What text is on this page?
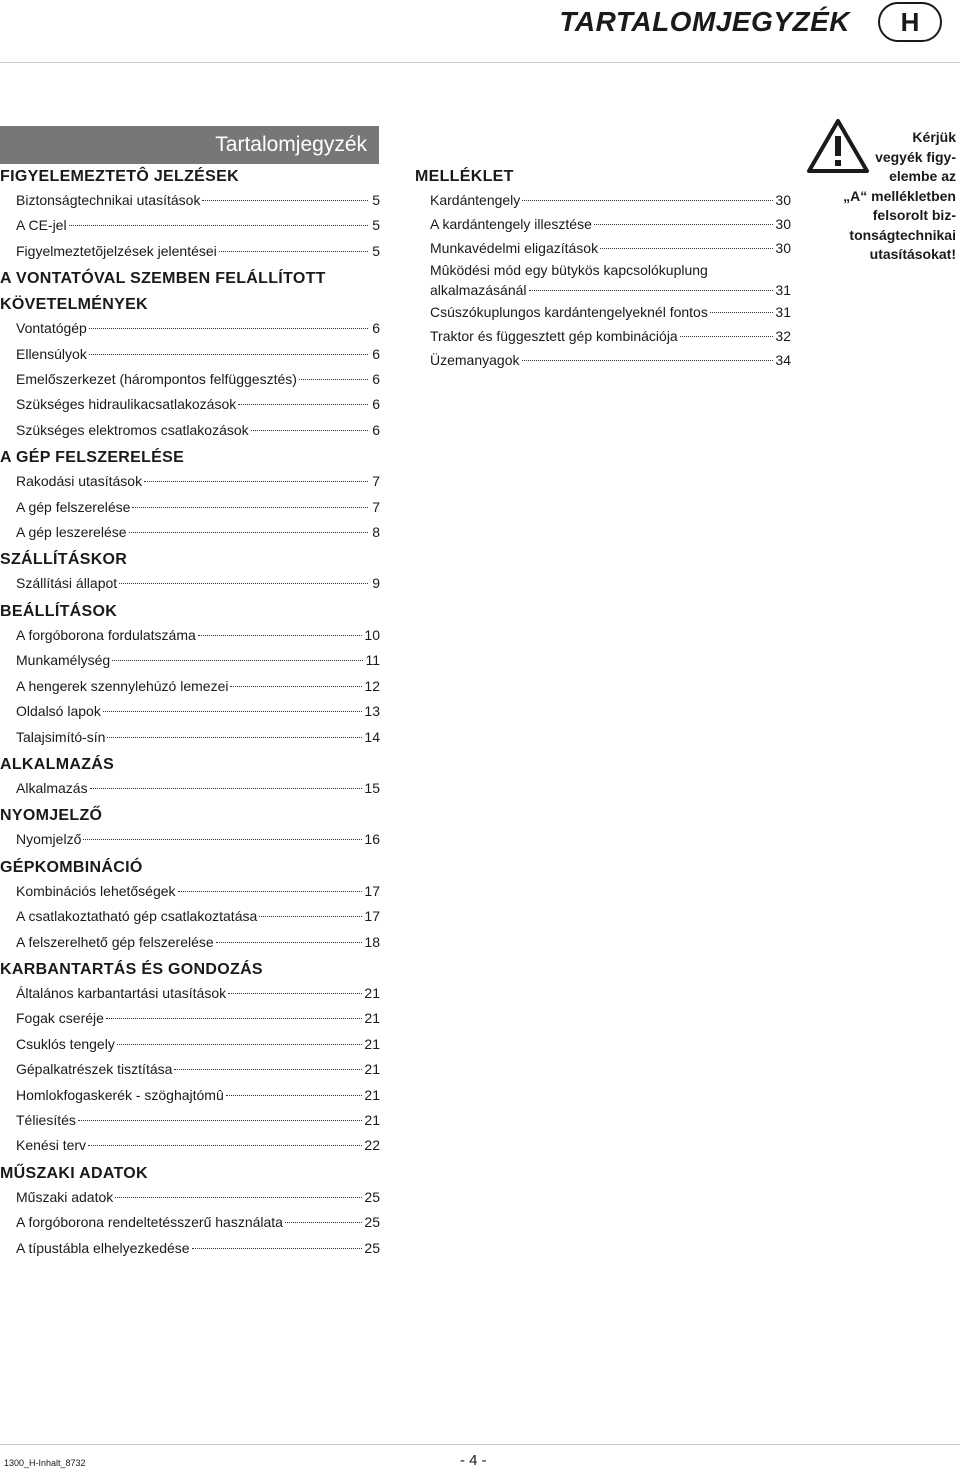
TARTALOMJEGYZÉK	H
Tartalomjegyzék
FIGYELEMEZTETÔ JELZÉSEK
Biztonságtechnikai utasítások	5
A CE-jel	5
Figyelmeztetõjelzések jelentései	5
A VONTATÓVAL SZEMBEN FELÁLLÍTOTT
KÖVETELMÉNYEK
Vontatógép	6
Ellensúlyok	6
Emelőszerkezet (hárompontos felfüggesztés)	6
Szükséges hidraulikacsatlakozások	6
Szükséges elektromos csatlakozások	6
A GÉP FELSZERELÉSE
Rakodási utasítások	7
A gép felszerelése	7
A gép leszerelése	8
SZÁLLÍTÁSKOR
Szállítási állapot	9
BEÁLLÍTÁSOK
A forgóborona fordulatszáma	10
Munkamélység	11
A hengerek szennylehúzó lemezei	12
Oldalsó lapok	13
Talajsimító-sín	14
ALKALMAZÁS
Alkalmazás	15
NYOMJELZŐ
Nyomjelző	16
GÉPKOMBINÁCIÓ
Kombinációs lehetőségek	17
A csatlakoztatható gép csatlakoztatása	17
A felszerelhető gép felszerelése	18
KARBANTARTÁS ÉS GONDOZÁS
Általános karbantartási utasítások	21
Fogak cseréje	21
Csuklós tengely	21
Gépalkatrészek tisztítása	21
Homlokfogaskerék - szöghajtómû	21
Téliesítés	21
Kenési terv	22
MŰSZAKI ADATOK
Műszaki adatok	25
A forgóborona rendeltetésszerű használata	25
A típustábla elhelyezkedése	25
MELLÉKLET
Kardántengely	30
A kardántengely illesztése	30
Munkavédelmi eligazítások	30
Mûködési mód egy bütykös kapcsolókuplung
alkalmazásánál	31
Csúszókuplungos kardántengelyeknél fontos	31
Traktor és függesztett gép kombinációja	32
Üzemanyagok	34
Kérjük
vegyék figy-
elembe az
„A“ mellékletben
felsorolt biz-
tonságtechnikai
utasításokat!
1300_H-Inhalt_8732	- 4 -
